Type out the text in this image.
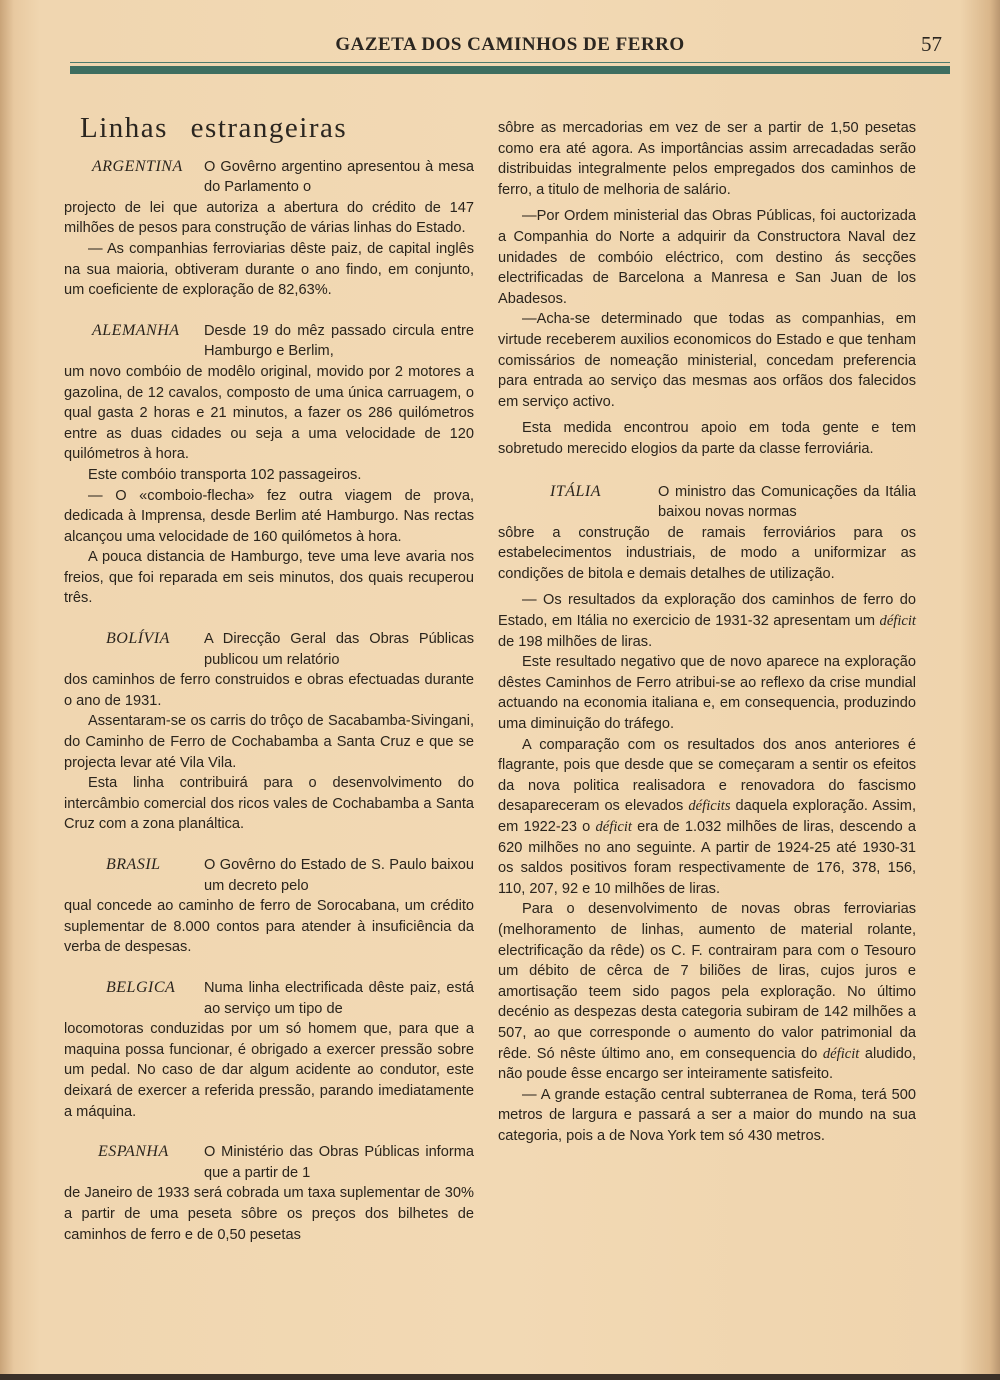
GAZETA DOS CAMINHOS DE FERRO	57
Linhas estrangeiras
ARGENTINA	O Govêrno argentino apresentou à mesa do Parlamento o

projecto de lei que autoriza a abertura do crédito de 147 milhões de pesos para construção de várias linhas do Estado.

— As companhias ferroviarias dêste paiz, de capital inglês na sua maioria, obtiveram durante o ano findo, em conjunto, um coeficiente de exploração de 82,63%.

ALEMANHA	Desde 19 do mêz passado circula entre Hamburgo e Berlim,

um novo combóio de modêlo original, movido por 2 motores a gazolina, de 12 cavalos, composto de uma única carruagem, o qual gasta 2 horas e 21 minutos, a fazer os 286 quilómetros entre as duas cidades ou seja a uma velocidade de 120 quilómetros à hora.

Este combóio transporta 102 passageiros.

— O «comboio-flecha» fez outra viagem de prova, dedicada à Imprensa, desde Berlim até Hamburgo. Nas rectas alcançou uma velocidade de 160 quilómetos à hora.

A pouca distancia de Hamburgo, teve uma leve avaria nos freios, que foi reparada em seis minutos, dos quais recuperou três.

BOLÍVIA	A Direcção Geral das Obras Públicas publicou um relatório

dos caminhos de ferro construidos e obras efectuadas durante o ano de 1931.

Assentaram-se os carris do trôço de Sacabamba-Sivingani, do Caminho de Ferro de Cochabamba a Santa Cruz e que se projecta levar até Vila Vila.

Esta linha contribuirá para o desenvolvimento do intercâmbio comercial dos ricos vales de Cochabamba a Santa Cruz com a zona planáltica.

BRASIL	O Govêrno do Estado de S. Paulo baixou um decreto pelo

qual concede ao caminho de ferro de Sorocabana, um crédito suplementar de 8.000 contos para atender à insuficiência da verba de despesas.

BELGICA	Numa linha electrificada dêste paiz, está ao serviço um tipo de

locomotoras conduzidas por um só homem que, para que a maquina possa funcionar, é obrigado a exercer pressão sobre um pedal. No caso de dar algum acidente ao condutor, este deixará de exercer a referida pressão, parando imediatamente a máquina.

ESPANHA	O Ministério das Obras Públicas informa que a partir de 1

de Janeiro de 1933 será cobrada um taxa suplementar de 30% a partir de uma peseta sôbre os preços dos bilhetes de caminhos de ferro e de 0,50 pesetas

sôbre as mercadorias em vez de ser a partir de 1,50 pesetas como era até agora. As importâncias assim arrecadadas serão distribuidas integralmente pelos empregados dos caminhos de ferro, a titulo de melhoria de salário.

—Por Ordem ministerial das Obras Públicas, foi auctorizada a Companhia do Norte a adquirir da Constructora Naval dez unidades de combóio eléctrico, com destino ás secções electrificadas de Barcelona a Manresa e San Juan de los Abadesos.

—Acha-se determinado que todas as companhias, em virtude receberem auxilios economicos do Estado e que tenham comissários de nomeação ministerial, concedam preferencia para entrada ao serviço das mesmas aos orfãos dos falecidos em serviço activo.

Esta medida encontrou apoio em toda gente e tem sobretudo merecido elogios da parte da classe ferroviária.

ITÁLIA	O ministro das Comunicações da Itália baixou novas normas

sôbre a construção de ramais ferroviários para os estabelecimentos industriais, de modo a uniformizar as condições de bitola e demais detalhes de utilização.

— Os resultados da exploração dos caminhos de ferro do Estado, em Itália no exercicio de 1931-32 apresentam um déficit de 198 milhões de liras.

Este resultado negativo que de novo aparece na exploração dêstes Caminhos de Ferro atribui-se ao reflexo da crise mundial actuando na economia italiana e, em consequencia, produzindo uma diminuição do tráfego.

A comparação com os resultados dos anos anteriores é flagrante, pois que desde que se começaram a sentir os efeitos da nova politica realisadora e renovadora do fascismo desapareceram os elevados déficits daquela exploração. Assim, em 1922-23 o déficit era de 1.032 milhões de liras, descendo a 620 milhões no ano seguinte. A partir de 1924-25 até 1930-31 os saldos positivos foram respectivamente de 176, 378, 156, 110, 207, 92 e 10 milhões de liras.

Para o desenvolvimento de novas obras ferroviarias (melhoramento de linhas, aumento de material rolante, electrificação da rêde) os C. F. contrairam para com o Tesouro um débito de cêrca de 7 biliões de liras, cujos juros e amortisação teem sido pagos pela exploração. No último decénio as despezas desta categoria subiram de 142 milhões a 507, ao que corresponde o aumento do valor patrimonial da rêde. Só nêste último ano, em consequencia do déficit aludido, não poude êsse encargo ser inteiramente satisfeito.

— A grande estação central subterranea de Roma, terá 500 metros de largura e passará a ser a maior do mundo na sua categoria, pois a de Nova York tem só 430 metros.
